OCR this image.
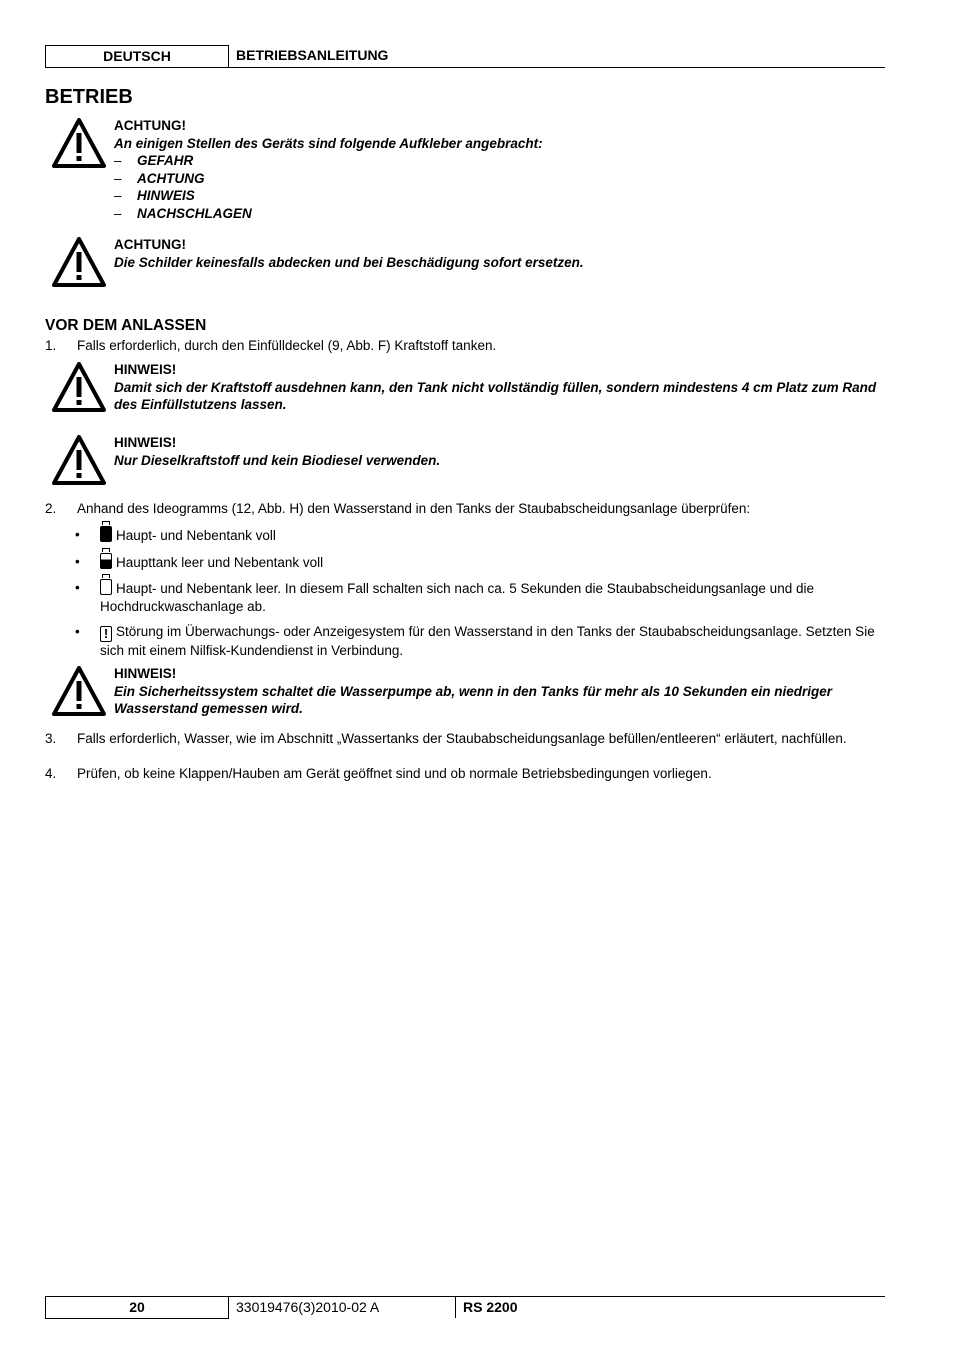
DEUTSCH	BETRIEBSANLEITUNG
BETRIEB
ACHTUNG!
An einigen Stellen des Geräts sind folgende Aufkleber angebracht:
– GEFAHR
– ACHTUNG
– HINWEIS
– NACHSCHLAGEN
ACHTUNG!
Die Schilder keinesfalls abdecken und bei Beschädigung sofort ersetzen.
VOR DEM ANLASSEN
1. Falls erforderlich, durch den Einfülldeckel (9, Abb. F) Kraftstoff tanken.
HINWEIS!
Damit sich der Kraftstoff ausdehnen kann, den Tank nicht vollständig füllen, sondern mindestens 4 cm Platz zum Rand des Einfüllstutzens lassen.
HINWEIS!
Nur Dieselkraftstoff und kein Biodiesel verwenden.
2. Anhand des Ideogramms (12, Abb. H) den Wasserstand in den Tanks der Staubabscheidungsanlage überprüfen:
•	Haupt- und Nebentank voll
•	Haupttank leer und Nebentank voll
•	Haupt- und Nebentank leer. In diesem Fall schalten sich nach ca. 5 Sekunden die Staubabscheidungsanlage und die Hochdruckwaschanlage ab.
• ! Störung im Überwachungs- oder Anzeigesystem für den Wasserstand in den Tanks der Staubabscheidungsanlage. Setzten Sie sich mit einem Nilfisk-Kundendienst in Verbindung.
HINWEIS!
Ein Sicherheitssystem schaltet die Wasserpumpe ab, wenn in den Tanks für mehr als 10 Sekunden ein niedriger Wasserstand gemessen wird.
3. Falls erforderlich, Wasser, wie im Abschnitt „Wassertanks der Staubabscheidungsanlage befüllen/entleeren“ erläutert, nachfüllen.
4. Prüfen, ob keine Klappen/Hauben am Gerät geöffnet sind und ob normale Betriebsbedingungen vorliegen.
20	33019476(3)2010-02 A	RS 2200
